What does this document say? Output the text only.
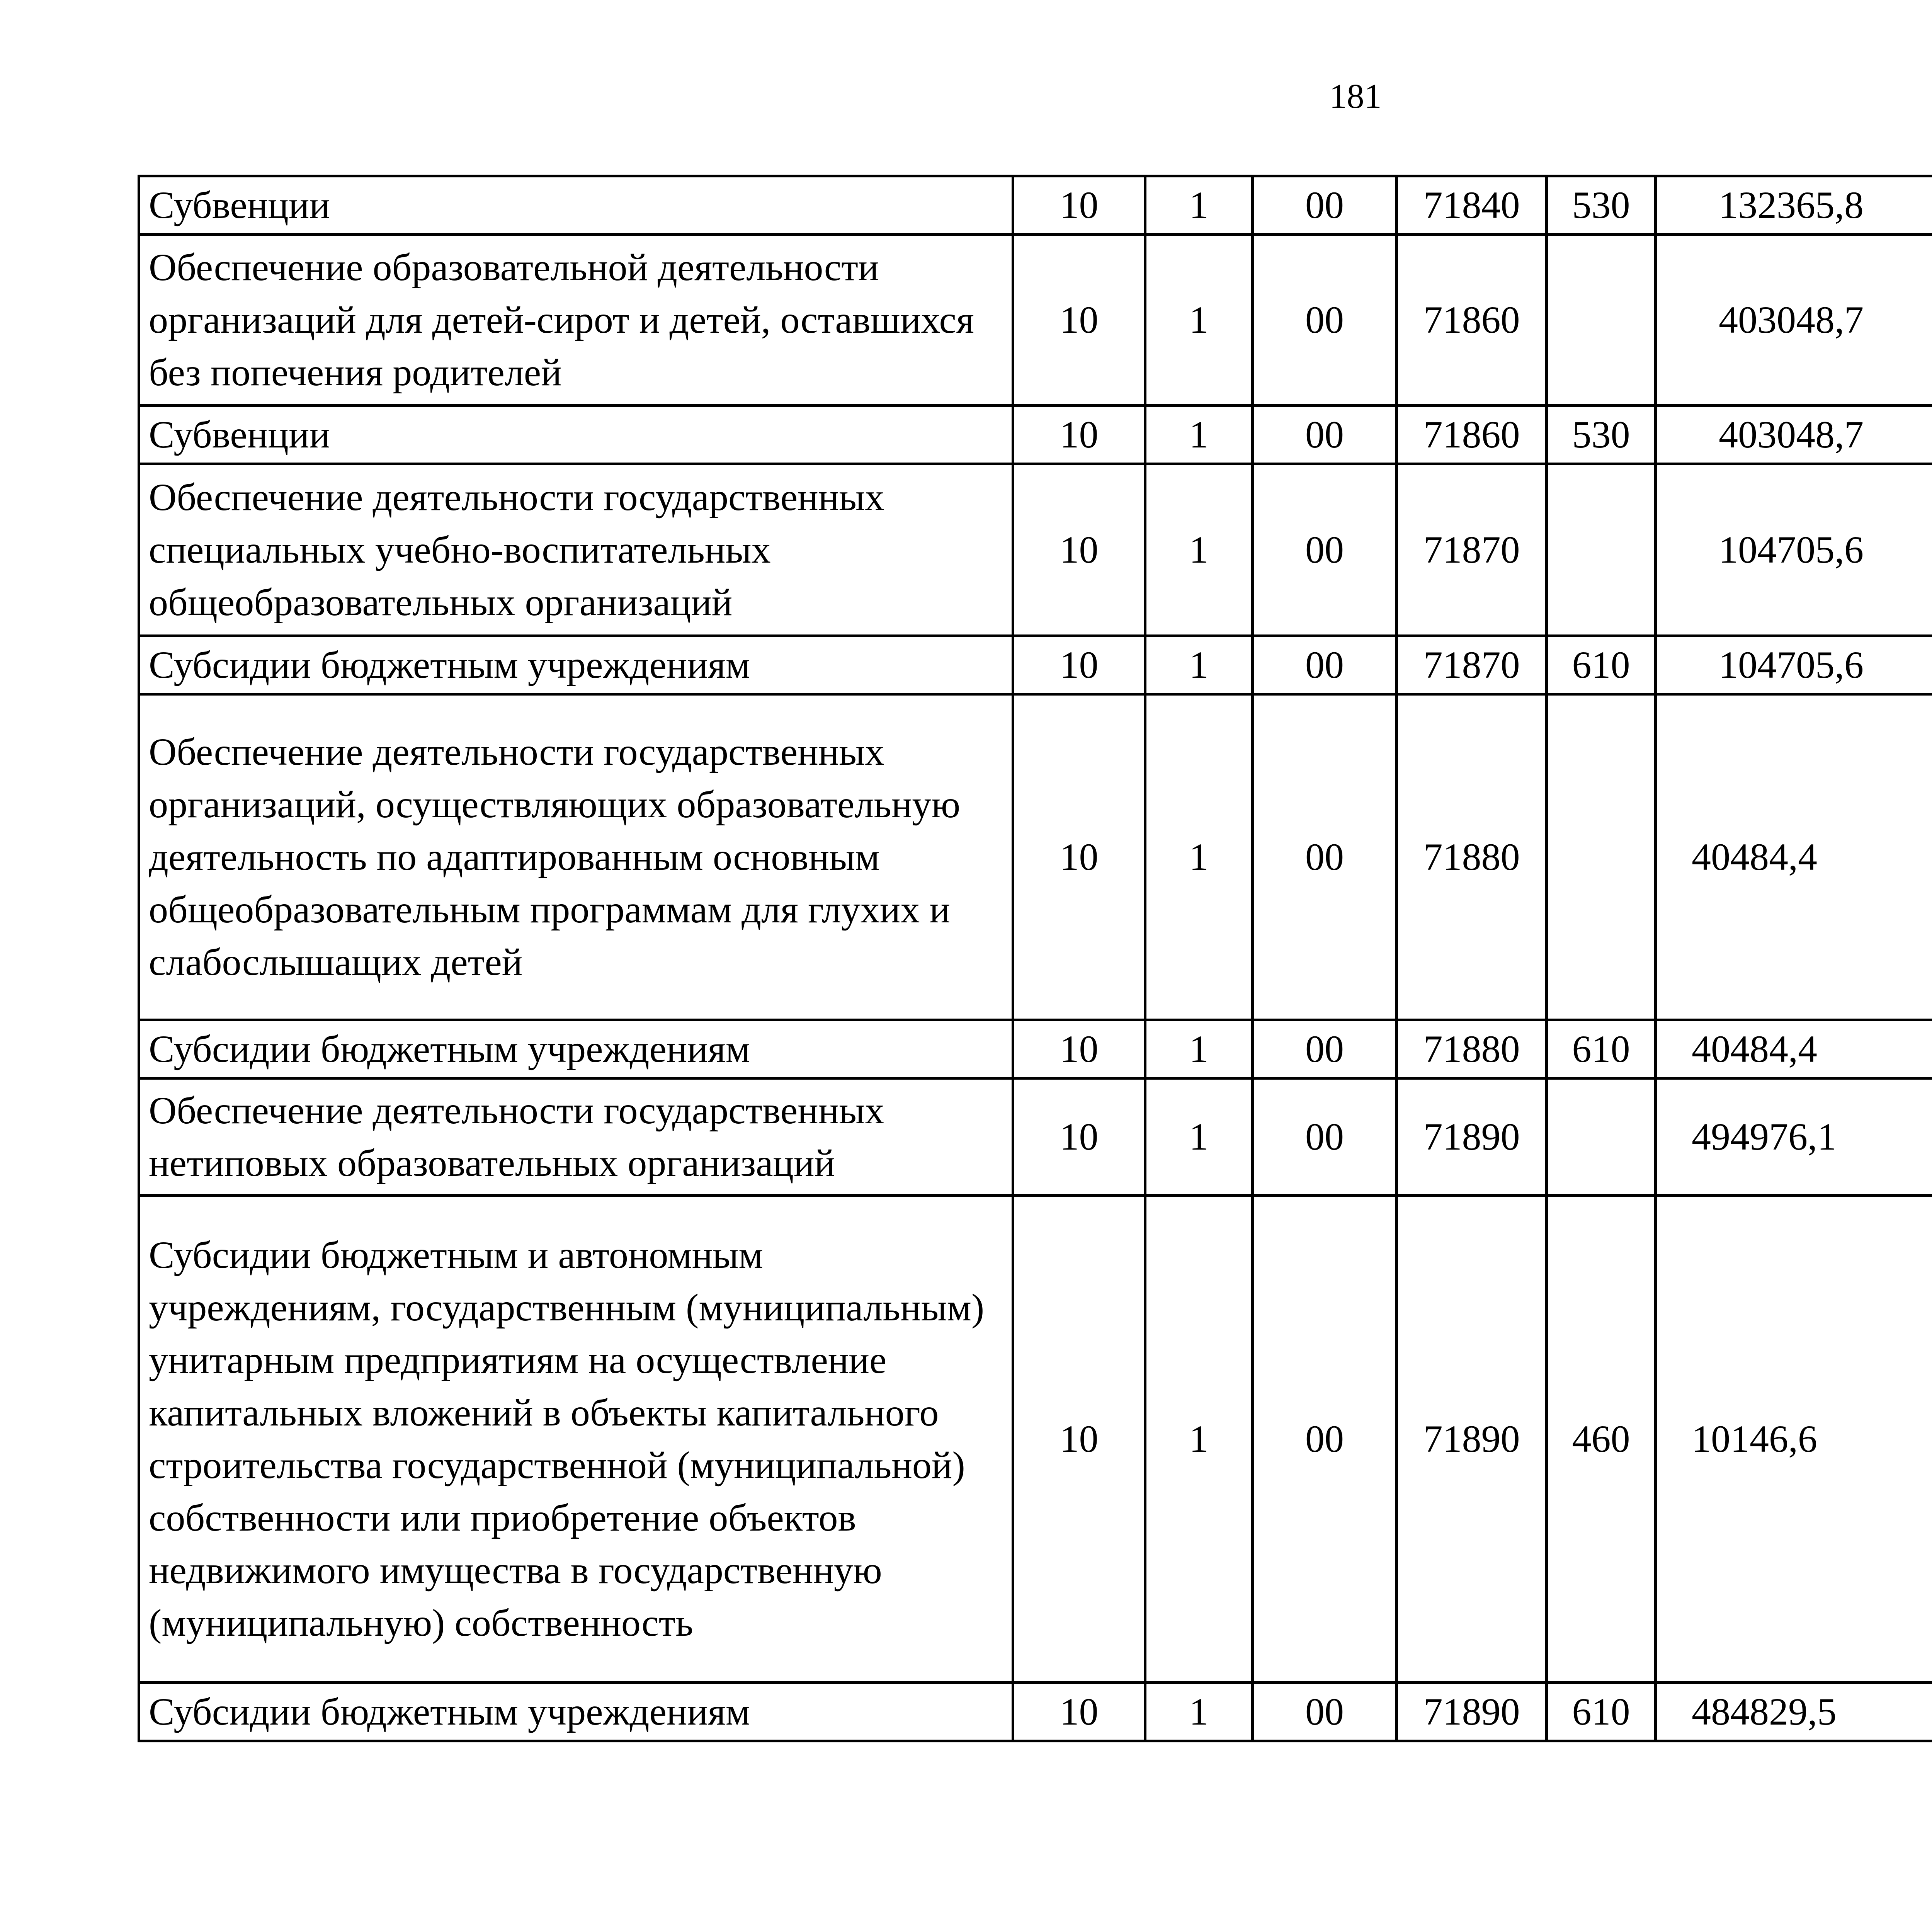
181
Субвенции	10	1	00	71840	530	132365,8		
Обеспечение образовательной деятельности организаций для детей-сирот и детей, оставшихся без попечения родителей	10	1	00	71860		403048,7		
Субвенции	10	1	00	71860	530	403048,7		
Обеспечение деятельности государственных специальных учебно-воспитательных общеобразовательных организаций	10	1	00	71870		104705,6		
Субсидии бюджетным учреждениям	10	1	00	71870	610	104705,6		
Обеспечение деятельности государственных организаций, осуществляющих образовательную деятельность по адаптированным основным общеобразовательным программам для глухих и слабослышащих детей	10	1	00	71880		40484,4		
Субсидии бюджетным учреждениям	10	1	00	71880	610	40484,4		
Обеспечение деятельности государственных нетиповых образовательных организаций	10	1	00	71890		494976,1		
Субсидии бюджетным и автономным учреждениям, государственным (муниципальным) унитарным предприятиям на осуществление капитальных вложений в объекты капитального строительства государственной (муниципальной) собственности или приобретение объектов недвижимого имущества в государственную (муниципальную) собственность	10	1	00	71890	460	10146,6		
Субсидии бюджетным учреждениям	10	1	00	71890	610	484829,5		
